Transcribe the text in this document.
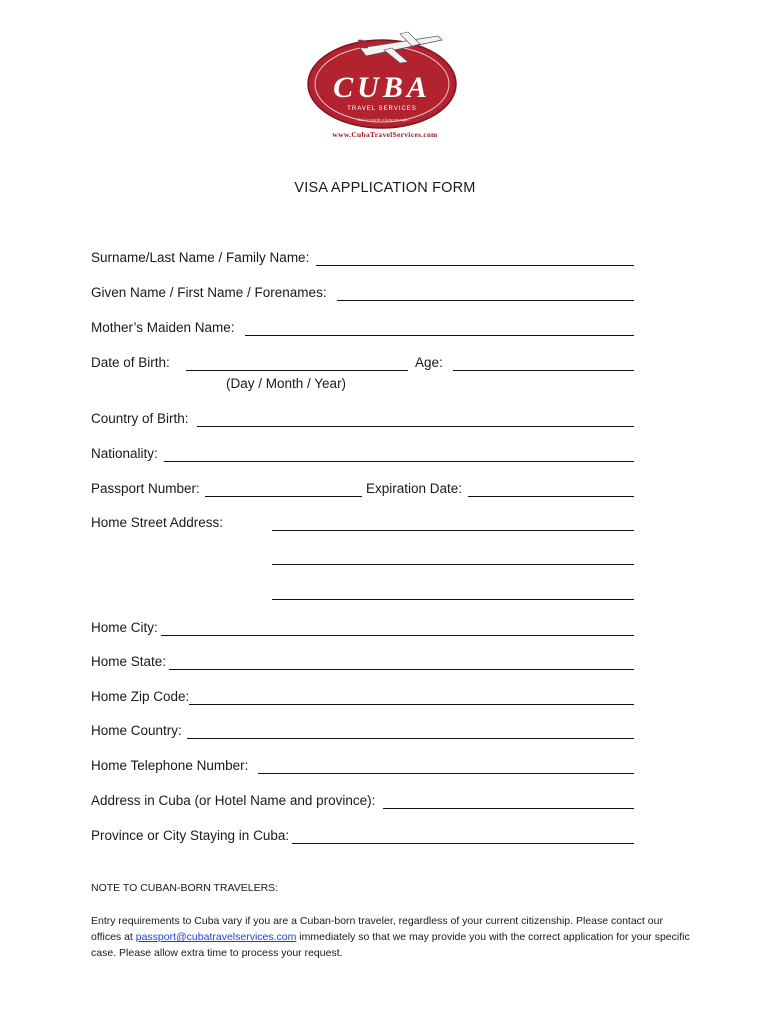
CUBA
TRAVEL SERVICES
Isn't it worth a long enough...
www.CubaTravelServices.com
VISA APPLICATION FORM
Surname/Last Name / Family Name:
Given Name / First Name / Forenames:
Mother’s Maiden Name:
Date of Birth:	Age:
(Day / Month / Year)
Country of Birth:
Nationality:
Passport Number:	Expiration Date:
Home Street Address:
Home City:
Home State:
Home Zip Code:
Home Country:
Home Telephone Number:
Address in Cuba (or Hotel Name and province):
Province or City Staying in Cuba:
NOTE TO CUBAN-BORN TRAVELERS:
Entry requirements to Cuba vary if you are a Cuban-born traveler, regardless of your current citizenship. Please contact our offices at passport@cubatravelservices.com immediately so that we may provide you with the correct application for your specific case. Please allow extra time to process your request.
